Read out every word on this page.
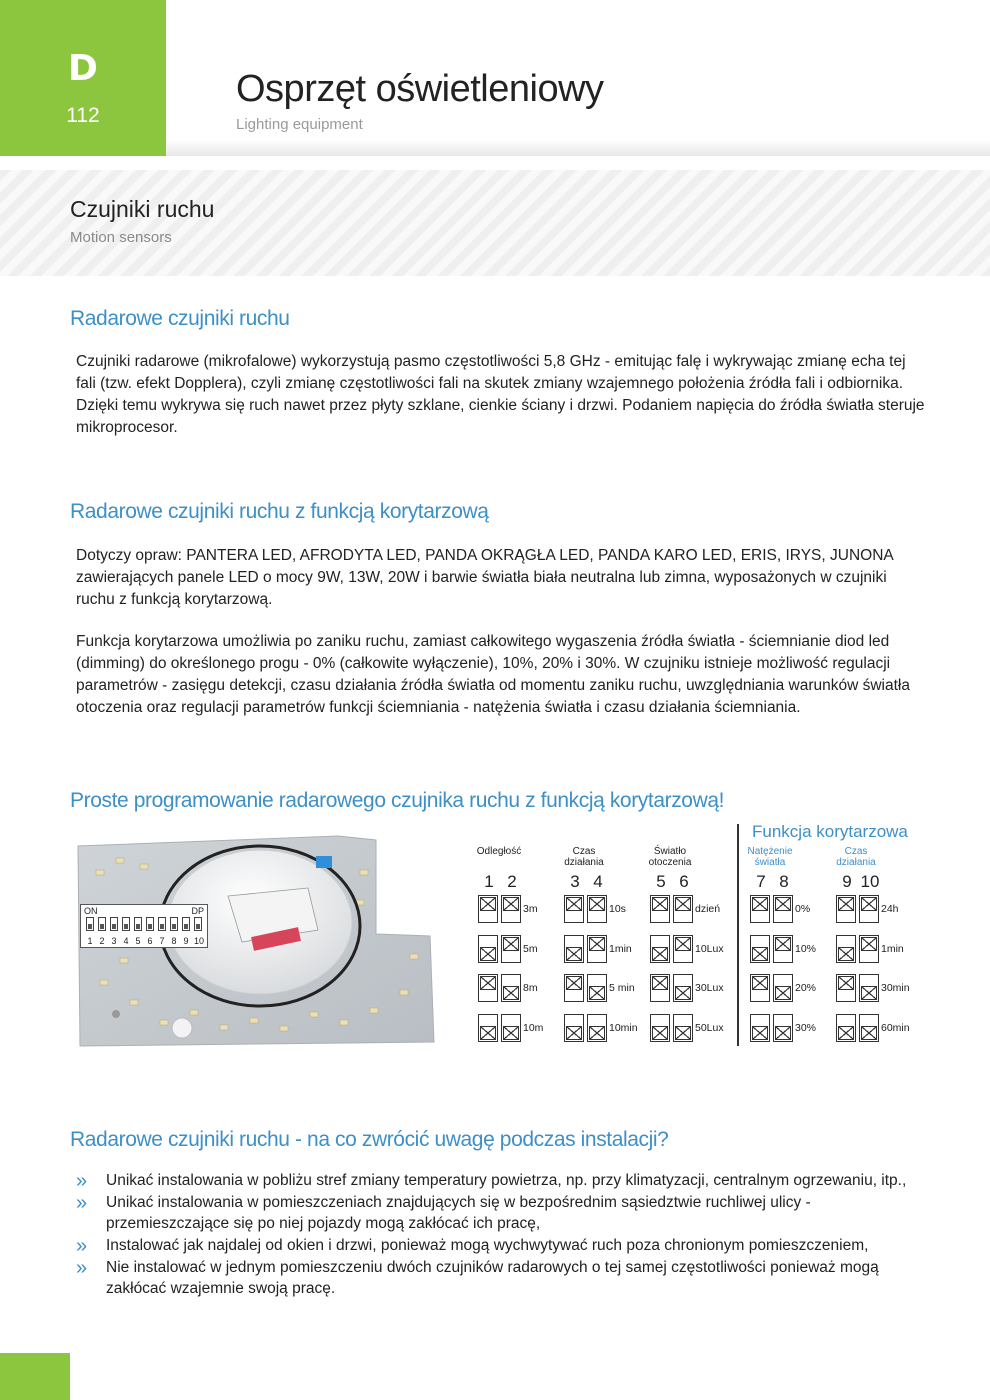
D
112
Osprzęt oświetleniowy
Lighting equipment
Czujniki ruchu
Motion sensors
Radarowe czujniki ruchu
Czujniki radarowe (mikrofalowe) wykorzystują pasmo częstotliwości 5,8 GHz - emitując falę i wykrywając zmianę echa tej fali (tzw. efekt Dopplera), czyli zmianę częstotliwości fali na skutek zmiany wzajemnego położenia źródła fali i odbiornika. Dzięki temu wykrywa się ruch nawet przez płyty szklane, cienkie ściany i drzwi. Podaniem napięcia do źródła światła steruje mikroprocesor.
Radarowe czujniki ruchu z funkcją korytarzową
Dotyczy opraw: PANTERA LED, AFRODYTA LED, PANDA OKRĄGŁA LED, PANDA KARO LED, ERIS, IRYS, JUNONA zawierających panele LED o mocy 9W, 13W, 20W i barwie światła biała neutralna lub zimna, wyposażonych w czujniki ruchu z funkcją korytarzową.
Funkcja korytarzowa umożliwia po zaniku ruchu, zamiast całkowitego wygaszenia źródła światła - ściemnianie diod led (dimming) do określonego progu - 0% (całkowite wyłączenie), 10%, 20% i 30%. W czujniku istnieje możliwość regulacji parametrów - zasięgu detekcji, czasu działania źródła światła od momentu zaniku ruchu, uwzględniania warunków światła otoczenia oraz regulacji parametrów funkcji ściemniania - natężenia światła i czasu działania ściemniania.
Proste programowanie radarowego czujnika ruchu z funkcją korytarzową!
ON	DP
1 2 3 4 5 6 7 8 9 10
Funkcja korytarzowa
Odległość
1 2
3m
5m
8m
10m
Czas działania
3 4
10s
1min
5 min
10min
Światło otoczenia
5 6
dzień
10Lux
30Lux
50Lux
Natężenie światła
7 8
0%
10%
20%
30%
Czas działania
9 10
24h
1min
30min
60min
Radarowe czujniki ruchu - na co zwrócić uwagę podczas instalacji?
» Unikać instalowania w pobliżu stref zmiany temperatury powietrza, np. przy klimatyzacji, centralnym ogrzewaniu, itp.,
» Unikać instalowania w pomieszczeniach znajdujących się w bezpośrednim sąsiedztwie ruchliwej ulicy - przemieszczające się po niej pojazdy mogą zakłócać ich pracę,
» Instalować jak najdalej od okien i drzwi, ponieważ mogą wychwytywać ruch poza chronionym pomieszczeniem,
» Nie instalować w jednym pomieszczeniu dwóch czujników radarowych o tej samej częstotliwości ponieważ mogą zakłócać wzajemnie swoją pracę.
